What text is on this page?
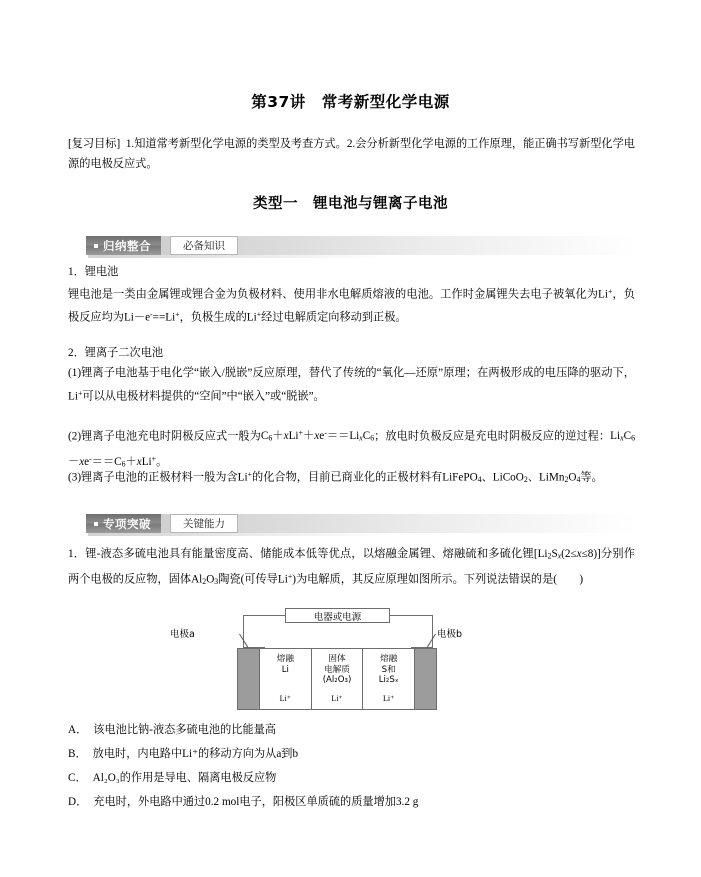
第37讲　常考新型化学电源
[复习目标] 1.知道常考新型化学电源的类型及考查方式。2.会分析新型化学电源的工作原理，能正确书写新型化学电源的电极反应式。
类型一　锂电池与锂离子电池
归纳整合	必备知识
1．锂电池
锂电池是一类由金属锂或锂合金为负极材料、使用非水电解质熔液的电池。工作时金属锂失去电子被氧化为Li+，负极反应均为Li－e-==Li+，负极生成的Li+经过电解质定向移动到正极。
2．锂离子二次电池
(1)锂离子电池基于电化学“嵌入/脱嵌”反应原理，替代了传统的“氧化—还原”原理；在两极形成的电压降的驱动下，Li+可以从电极材料提供的“空间”中“嵌入”或“脱嵌”。
(2)锂离子电池充电时阴极反应式一般为$C_6+xLi^++xe^-==Li_xC_6$；放电时负极反应是充电时阴极反应的逆过程：$Li_xC_6-xe^-==C_6+xLi^+$。
(3)锂离子电池的正极材料一般为含Li+的化合物，目前已商业化的正极材料有LiFePO$_4$、LiCoO$_2$、$LiMn_2O_4$等。
专项突破	关键能力
1．锂-液态多硫电池具有能量密度高、储能成本低等优点，以熔融金属锂、熔融硫和多硫化锂$[Li_2S_x(2\le x\le 8)]$分别作两个电极的反应物，固体$Al_2O_3$陶瓷(可传导Li+)为电解质，其反应原理如图所示。下列说法错误的是(　　)
电器或电源
电极a	电极b
熔融
Li
Li⁺
固体
电解质
(Al₂O₃)
Li⁺
熔融
S和
Li₂Sₓ
Li⁺
A． 该电池比钠-液态多硫电池的比能量高
B． 放电时，内电路中Li⁺的移动方向为从a到b
C． Al₂O₃的作用是导电、隔离电极反应物
D． 充电时，外电路中通过0.2 mol电子，阳极区单质硫的质量增加3.2 g
